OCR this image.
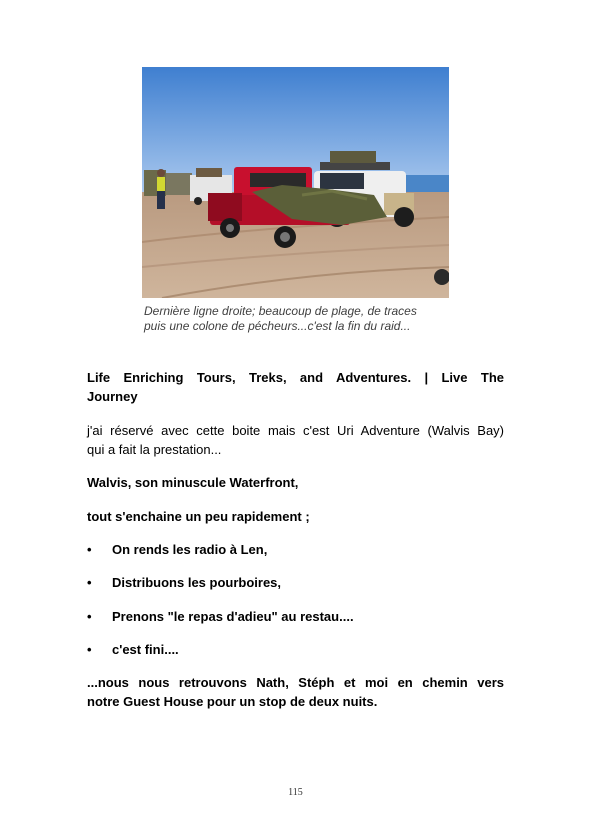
Dernière ligne droite; beaucoup de plage, de traces
puis une colone de pécheurs...c'est la fin du raid...
Life Enriching Tours, Treks, and Adventures. | Live The
Journey
j'ai réservé avec cette boite mais c'est Uri Adventure (Walvis Bay)
qui a fait la prestation...
Walvis, son minuscule Waterfront,
tout s'enchaine un peu rapidement ;
•	On rends les radio à Len,
•	Distribuons les pourboires,
•	Prenons "le repas d'adieu" au restau....
•	c'est fini....
...nous nous retrouvons Nath, Stéph et moi en chemin vers
notre Guest House pour un stop de deux nuits.
115
